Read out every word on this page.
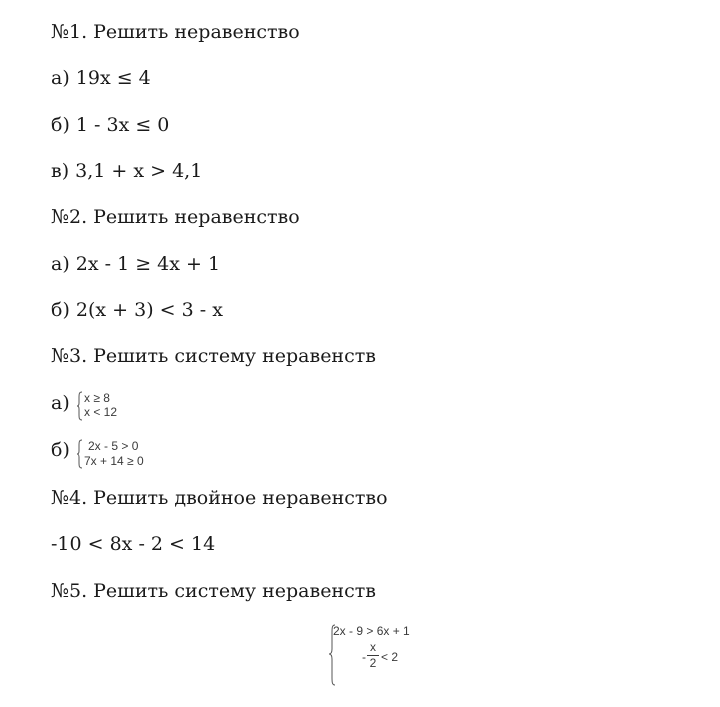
№1. Решить неравенство
а) 19x ≤ 4
б) 1 - 3x ≤ 0
в) 3,1 + x > 4,1
№2. Решить неравенство
а) 2x - 1 ≥ 4x + 1
б) 2(x + 3) < 3 - x
№3. Решить систему неравенств
а) x ≥ 8
x < 12
б) 2x - 5 > 0
7x + 14 ≥ 0
№4. Решить двойное неравенство
-10 < 8x - 2 < 14
№5. Решить систему неравенств
2x - 9 > 6x + 1
-
x
2 < 2
